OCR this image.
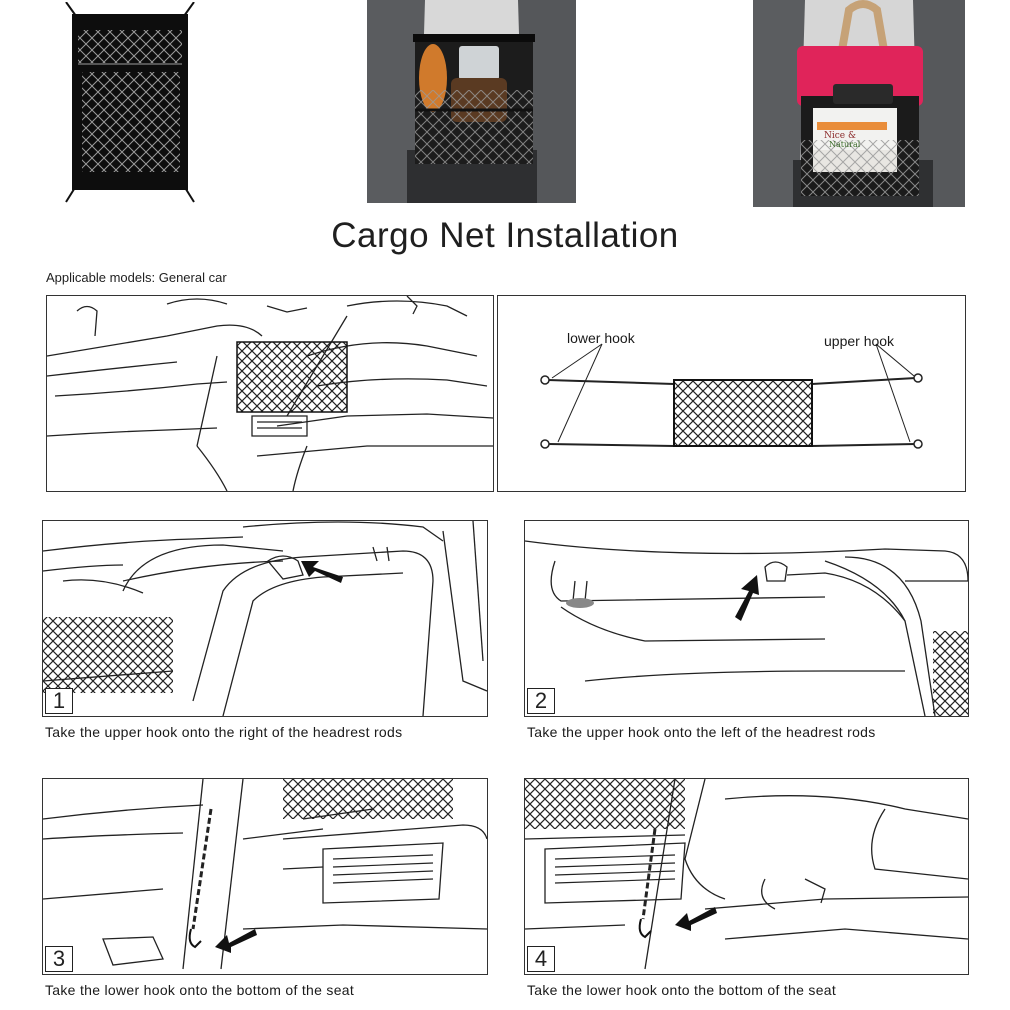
Nice &
Natural
Cargo Net Installation
Applicable models: General car
lower hook	upper hook
1
Take the upper hook onto the right of the headrest rods
2
Take the upper hook onto the left of the headrest rods
3
Take the lower hook onto the bottom of the seat
4
Take the lower hook onto the bottom of the seat
